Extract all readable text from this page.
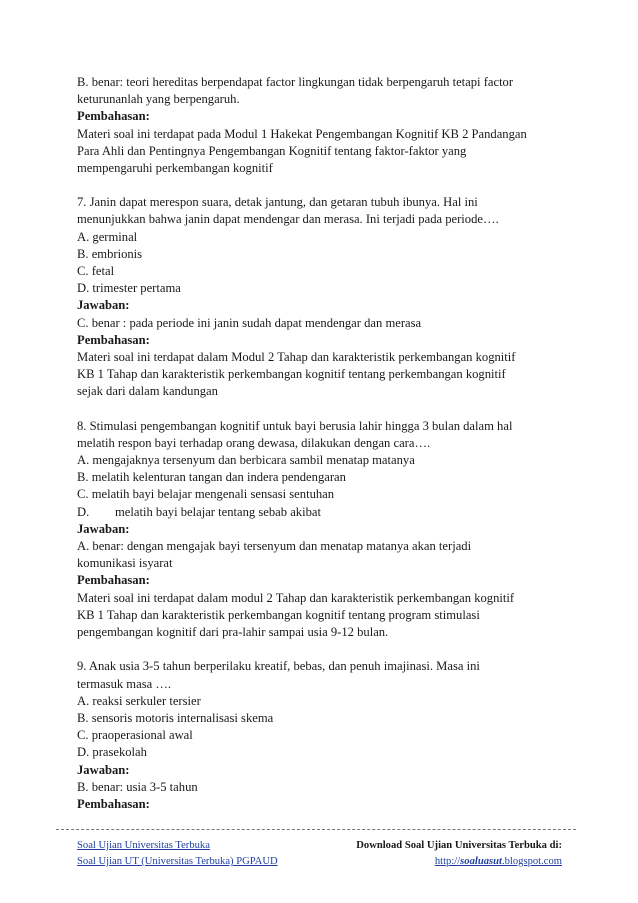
B. benar: teori hereditas berpendapat factor lingkungan tidak berpengaruh tetapi factor
keturunanlah yang berpengaruh.
Pembahasan:
Materi soal ini terdapat pada Modul 1 Hakekat Pengembangan Kognitif KB 2 Pandangan
Para Ahli dan Pentingnya Pengembangan Kognitif tentang faktor-faktor yang
mempengaruhi perkembangan kognitif
7. Janin dapat merespon suara, detak jantung, dan getaran tubuh ibunya. Hal ini
menunjukkan bahwa janin dapat mendengar dan merasa. Ini terjadi pada periode….
A. germinal
B. embrionis
C. fetal
D. trimester pertama
Jawaban:
C. benar : pada periode ini janin sudah dapat mendengar dan merasa
Pembahasan:
Materi soal ini terdapat dalam Modul 2 Tahap dan karakteristik perkembangan kognitif
KB 1 Tahap dan karakteristik perkembangan kognitif tentang perkembangan kognitif
sejak dari dalam kandungan
8. Stimulasi pengembangan kognitif untuk bayi berusia lahir hingga 3 bulan dalam hal
melatih respon bayi terhadap orang dewasa, dilakukan dengan cara….
A. mengajaknya tersenyum dan berbicara sambil menatap matanya
B. melatih kelenturan tangan dan indera pendengaran
C. melatih bayi belajar mengenali sensasi sentuhan
D. melatih bayi belajar tentang sebab akibat
Jawaban:
A. benar: dengan mengajak bayi tersenyum dan menatap matanya akan terjadi
komunikasi isyarat
Pembahasan:
Materi soal ini terdapat dalam modul 2 Tahap dan karakteristik perkembangan kognitif
KB 1 Tahap dan karakteristik perkembangan kognitif tentang program stimulasi
pengembangan kognitif dari pra-lahir sampai usia 9-12 bulan.
9. Anak usia 3-5 tahun berperilaku kreatif, bebas, dan penuh imajinasi. Masa ini
termasuk masa ….
A. reaksi serkuler tersier
B. sensoris motoris internalisasi skema
C. praoperasional awal
D. prasekolah
Jawaban:
B. benar: usia 3-5 tahun
Pembahasan:
Soal Ujian Universitas Terbuka
Soal Ujian UT (Universitas Terbuka) PGPAUD
Download Soal Ujian Universitas Terbuka di:
http://soaluasut.blogspot.com
